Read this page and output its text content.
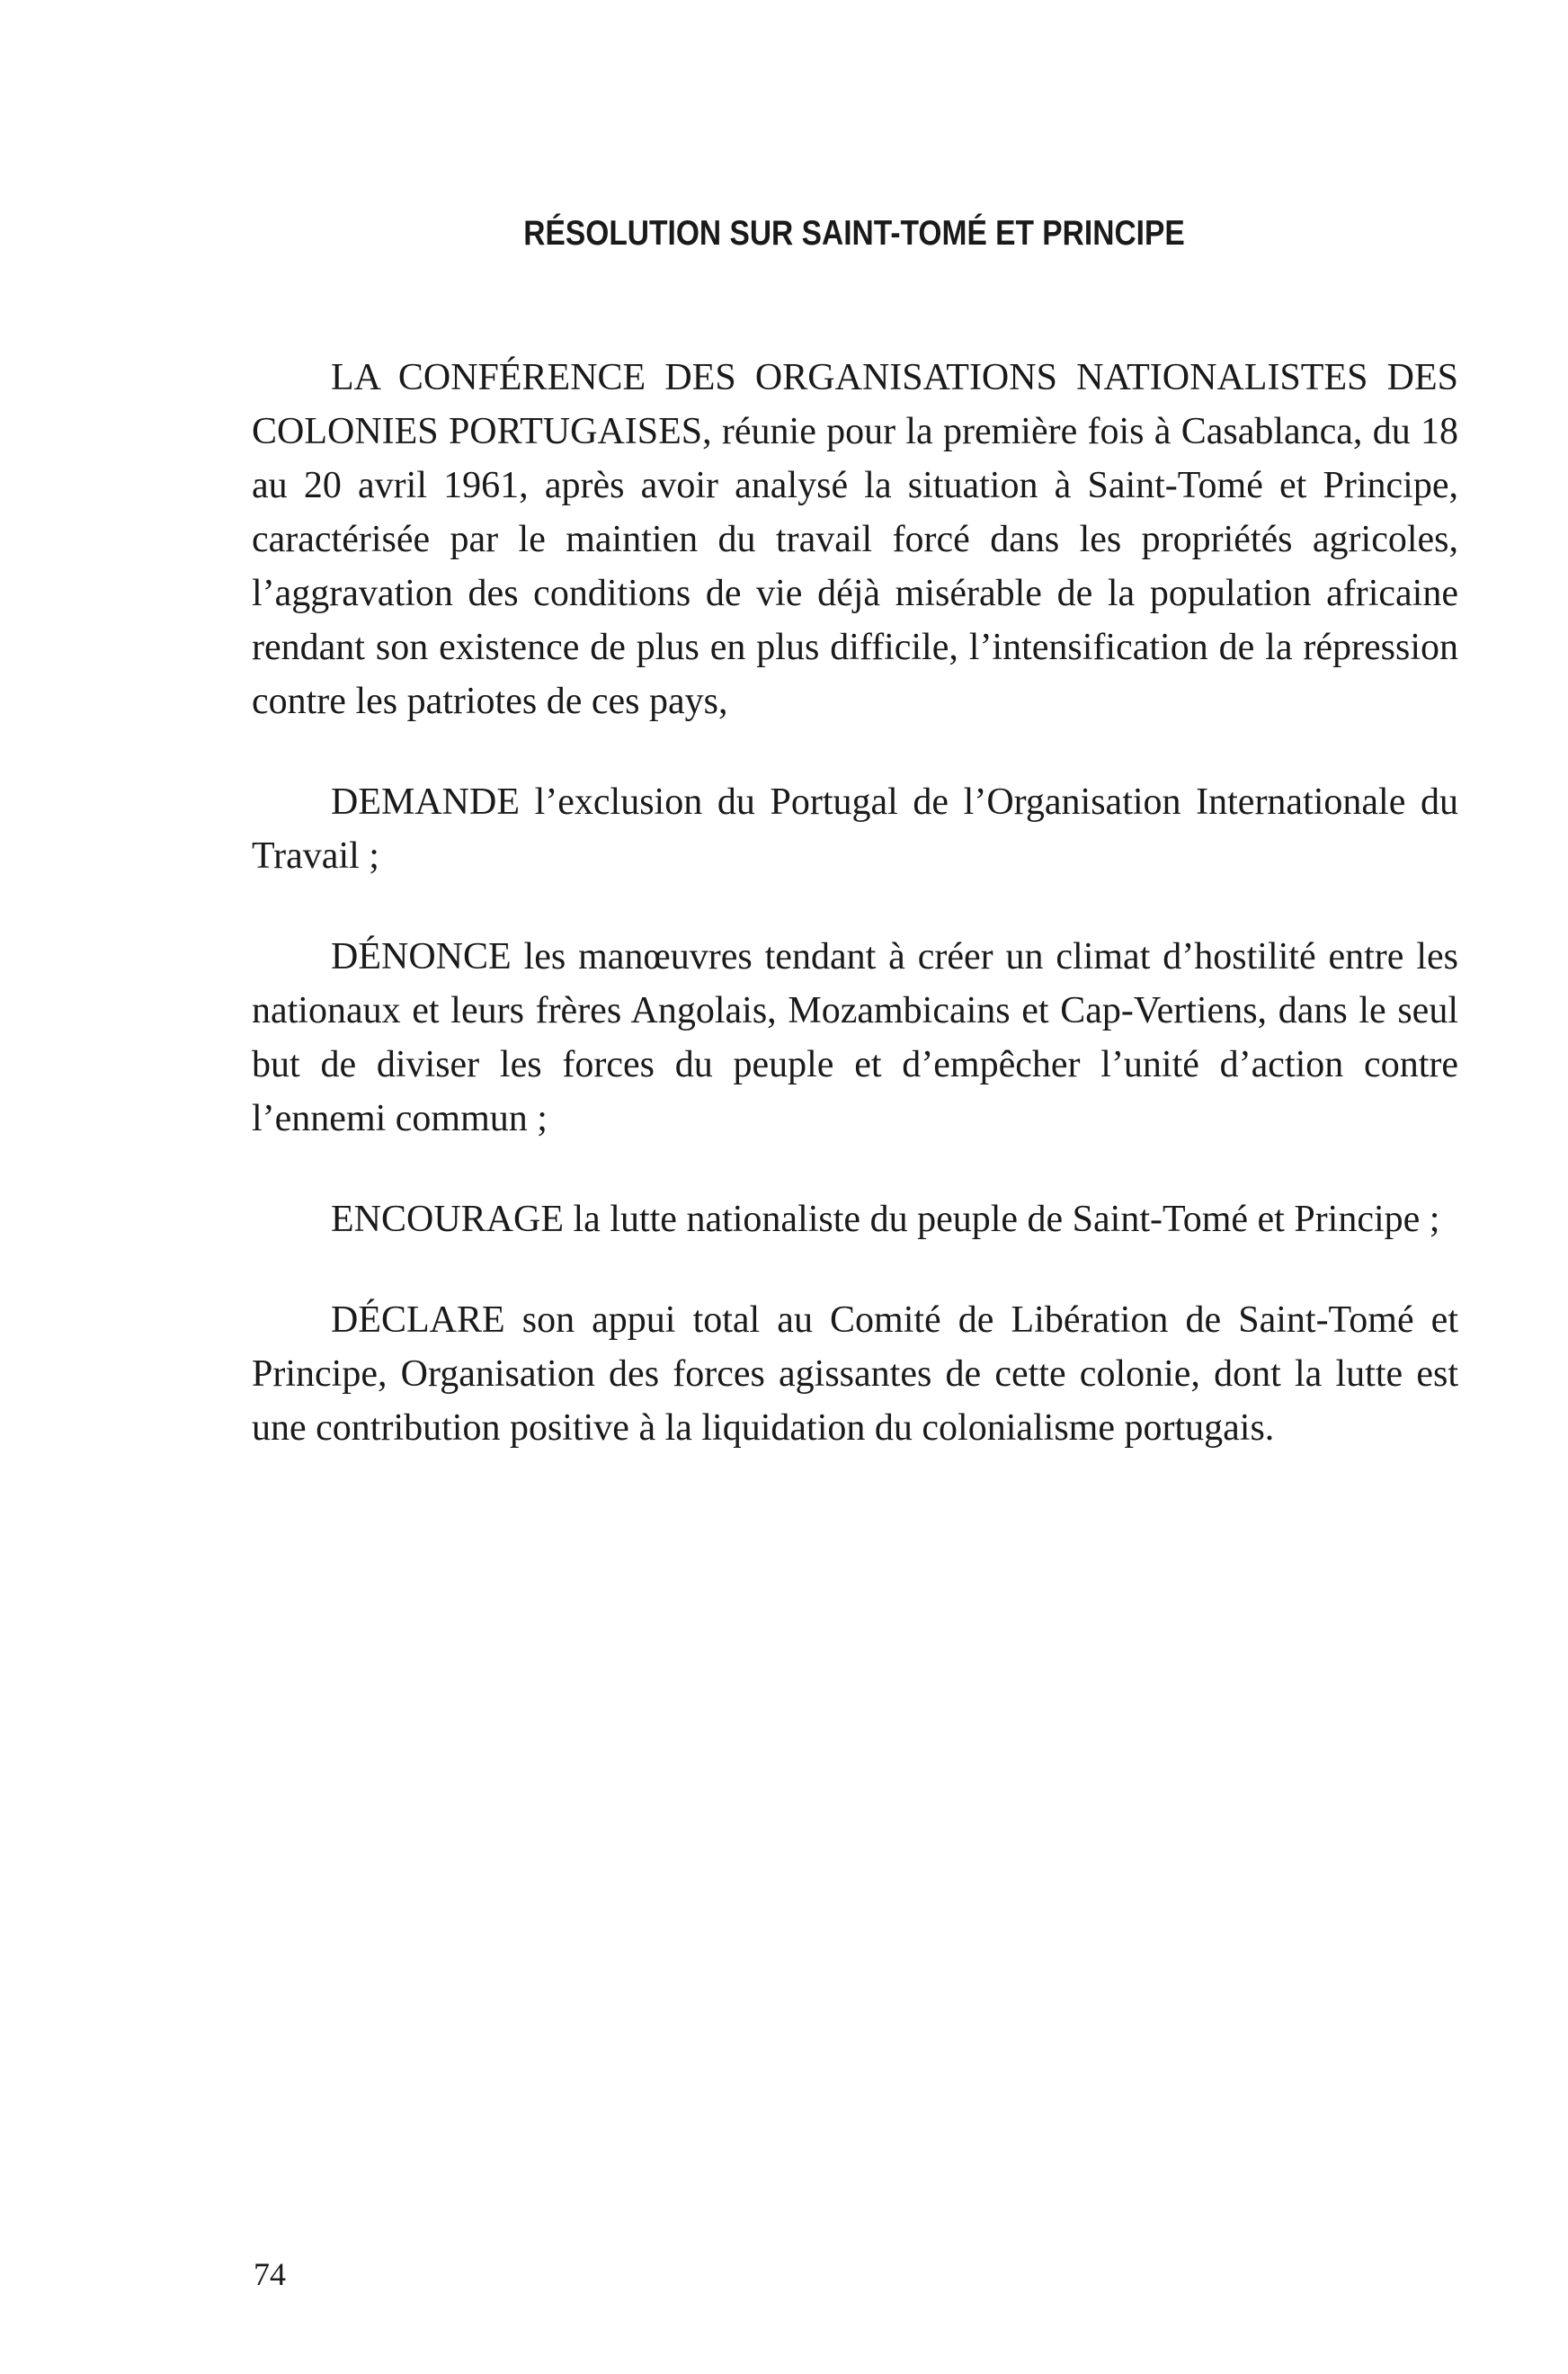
RÉSOLUTION SUR SAINT-TOMÉ ET PRINCIPE

LA CONFÉRENCE DES ORGANISATIONS NATIONALISTES DES COLONIES PORTUGAISES, réunie pour la première fois à Casablanca, du 18 au 20 avril 1961, après avoir analysé la situation à Saint-Tomé et Principe, caractérisée par le maintien du travail forcé dans les propriétés agricoles, l’aggravation des conditions de vie déjà misérable de la population africaine rendant son existence de plus en plus difficile, l’intensification de la répression contre les patriotes de ces pays,

DEMANDE l’exclusion du Portugal de l’Organisation Internationale du Travail ;

DÉNONCE les manœuvres tendant à créer un climat d’hostilité entre les nationaux et leurs frères Angolais, Mozambicains et Cap-Vertiens, dans le seul but de diviser les forces du peuple et d’empêcher l’unité d’action contre l’ennemi commun ;

ENCOURAGE la lutte nationaliste du peuple de Saint-Tomé et Principe ;

DÉCLARE son appui total au Comité de Libération de Saint-Tomé et Principe, Organisation des forces agissantes de cette colonie, dont la lutte est une contribution positive à la liquidation du colonialisme portugais.

74
